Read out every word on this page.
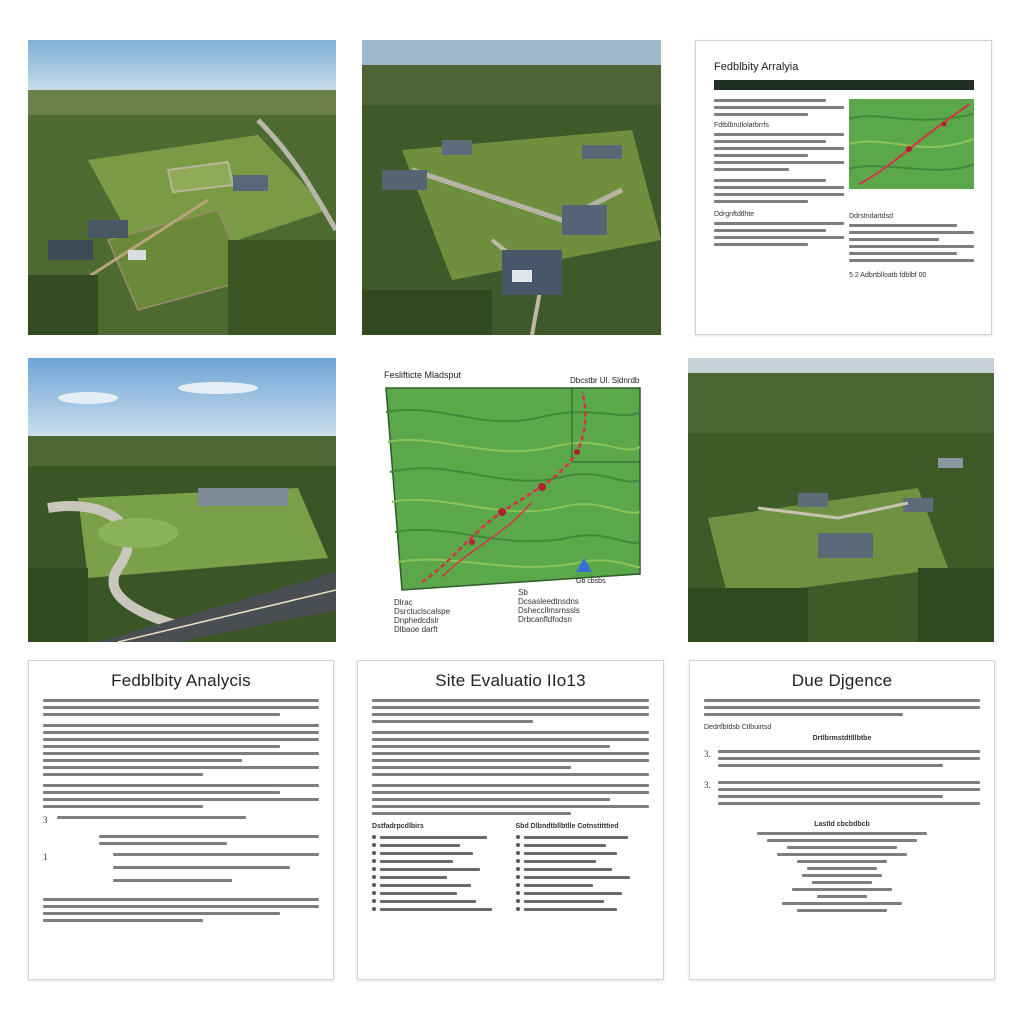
Fedblbity Arralyia
Fdtblbrutlolarbrrfs
Ddrgnftdtlhte	Ddrstndartdsd
5.2 Adbrtblloatb fdblbf 00
Feslifticte Mladsput
Dbcstbr Ul. Sldnrdb
Gb cbsbs
Dlrac
Dsrctuclscalspe
Dnphedcdslr
Dlbaoe darft
Sb
Dcsasleedtnsdns
Dsheccllmsrnssls
Drbcanfldfodsn
Fedblbity Analycis
3
1
Site Evaluatio IIo13
Dstfadrpcdlbirs	Sbd Dlbndtbllbtlle Cotnstitttied
Due Djgence
Dedrtlbtdsb Ctlbuirtsd
Drtlbrmstdtlllbtbe
3.
3.
Lastld cbcbdbcb
